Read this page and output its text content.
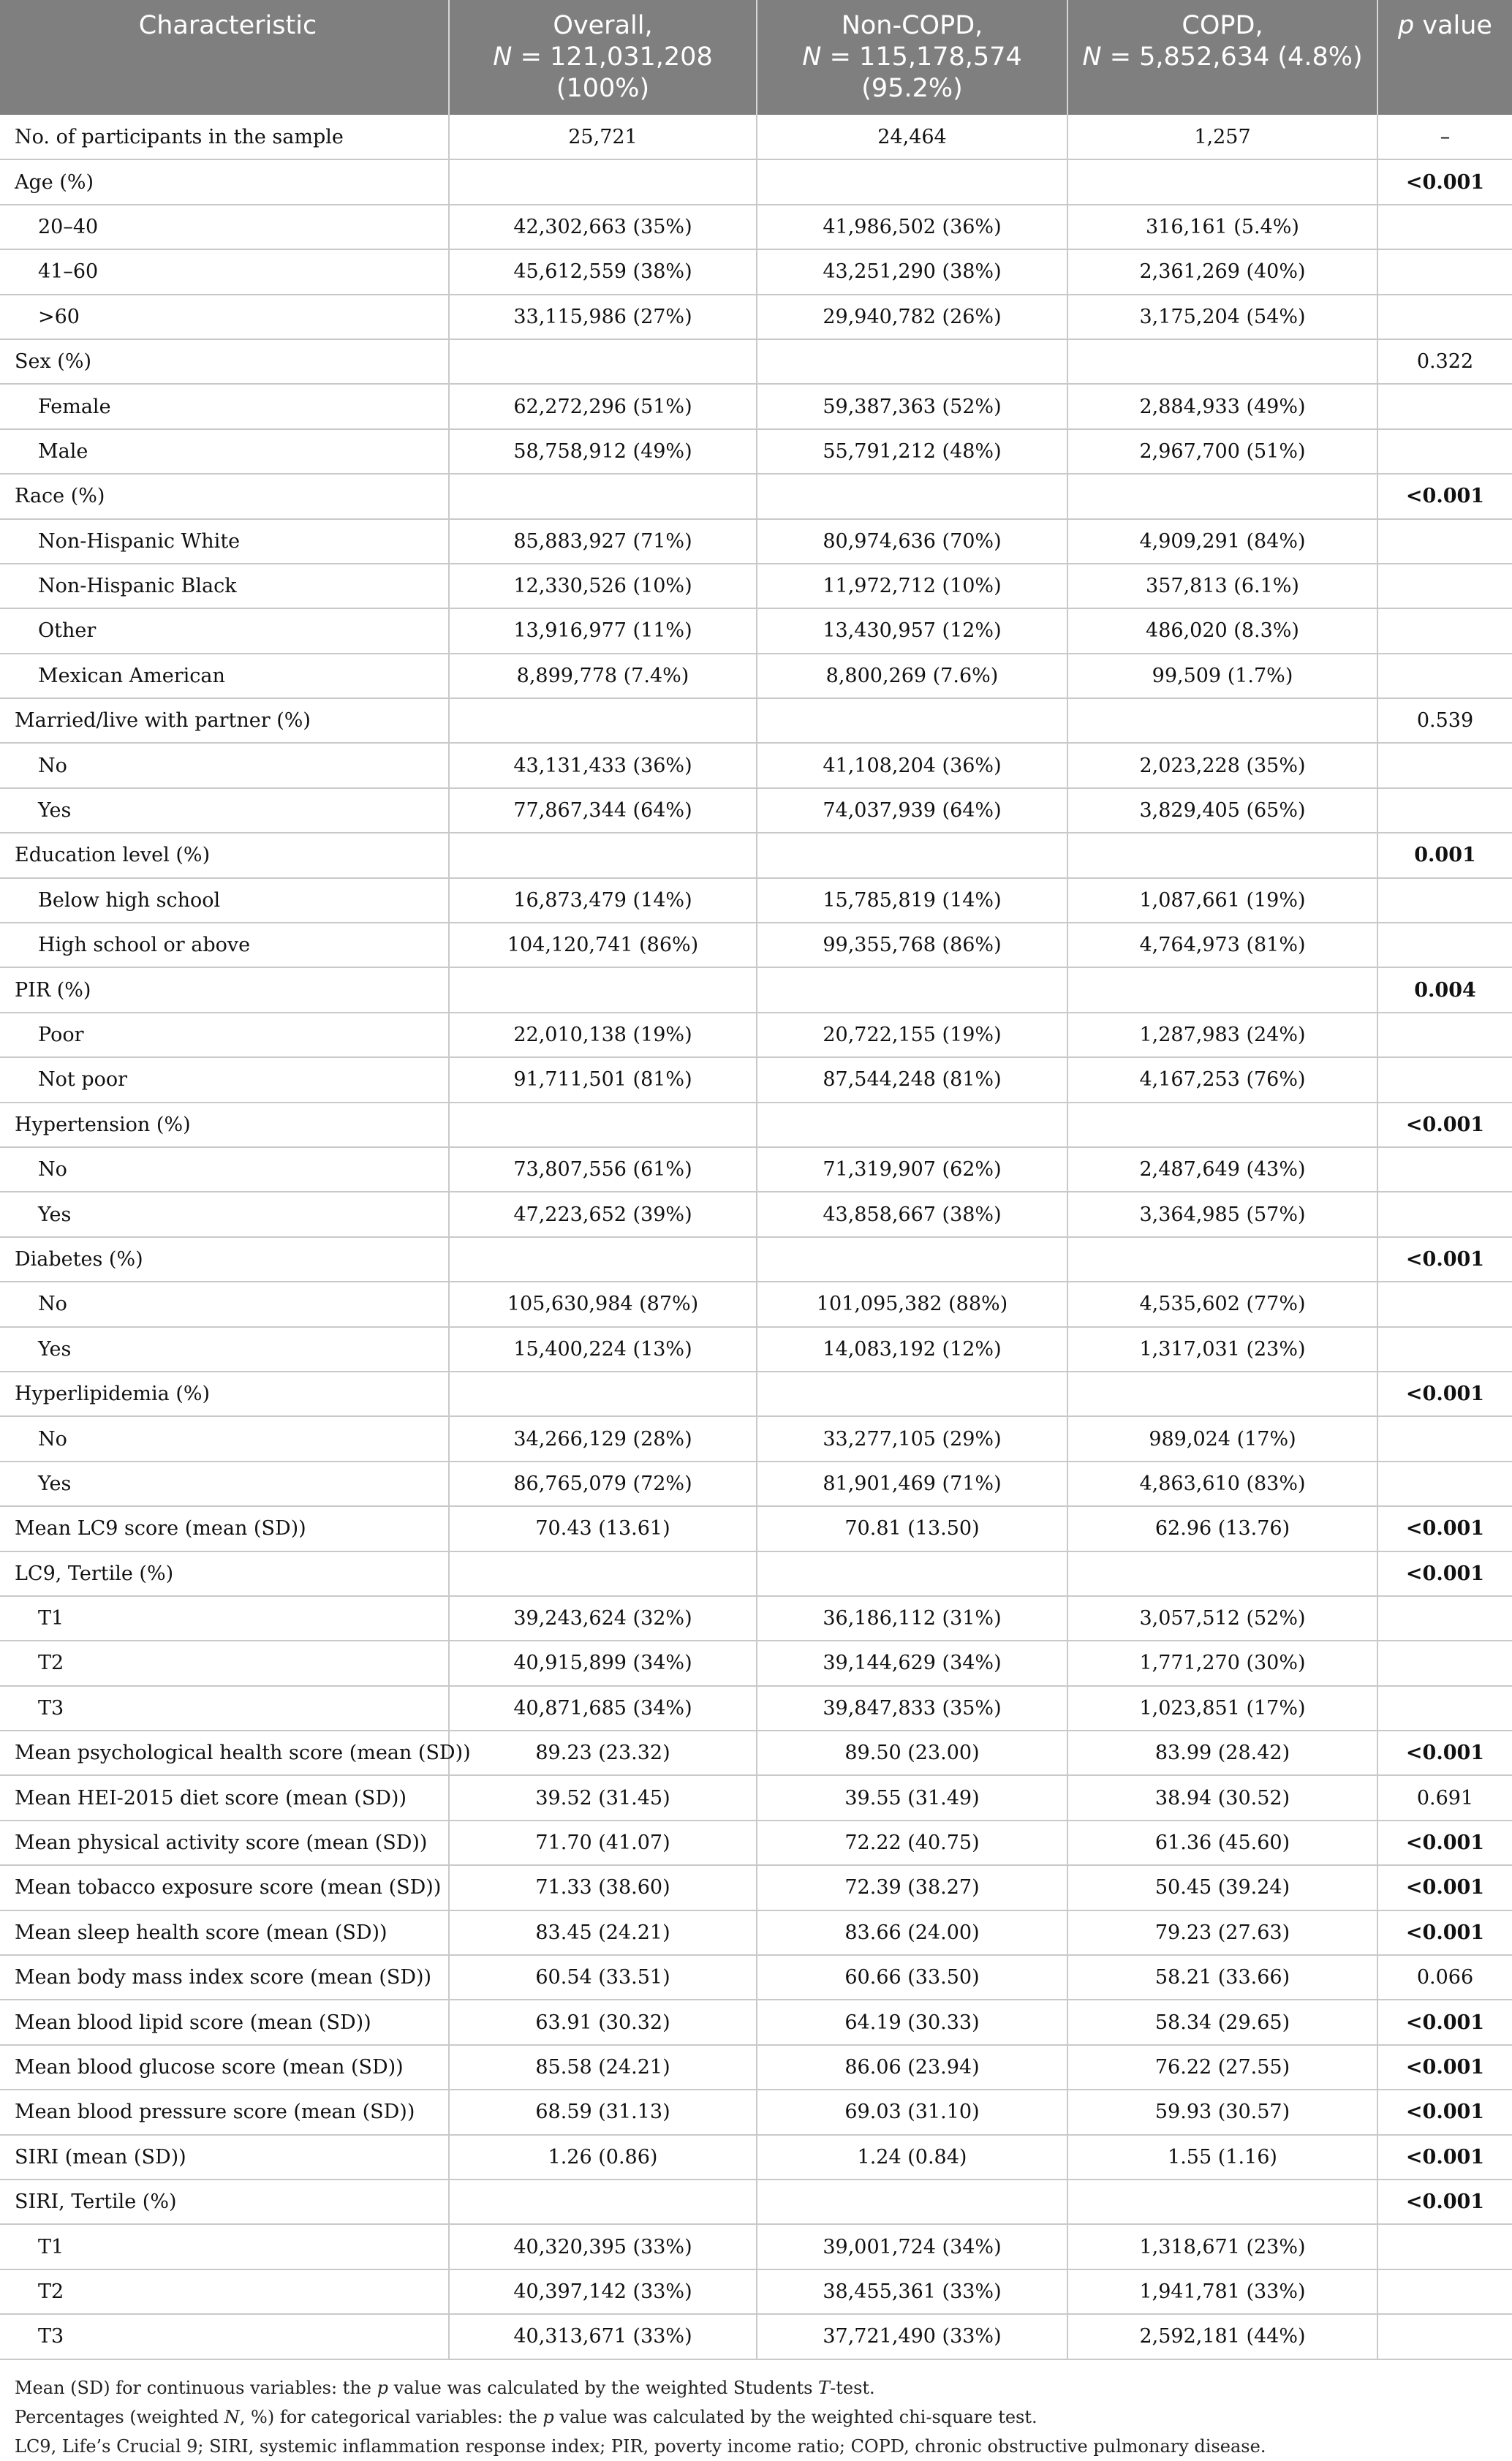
Characteristic	Overall,
N = 121,031,208
(100%)	Non-COPD,
N = 115,178,574
(95.2%)	COPD,
N = 5,852,634 (4.8%)	p value
No. of participants in the sample	25,721	24,464	1,257	–
Age (%)				<0.001
20–40	42,302,663 (35%)	41,986,502 (36%)	316,161 (5.4%)	
41–60	45,612,559 (38%)	43,251,290 (38%)	2,361,269 (40%)	
>60	33,115,986 (27%)	29,940,782 (26%)	3,175,204 (54%)	
Sex (%)				0.322
Female	62,272,296 (51%)	59,387,363 (52%)	2,884,933 (49%)	
Male	58,758,912 (49%)	55,791,212 (48%)	2,967,700 (51%)	
Race (%)				<0.001
Non-Hispanic White	85,883,927 (71%)	80,974,636 (70%)	4,909,291 (84%)	
Non-Hispanic Black	12,330,526 (10%)	11,972,712 (10%)	357,813 (6.1%)	
Other	13,916,977 (11%)	13,430,957 (12%)	486,020 (8.3%)	
Mexican American	8,899,778 (7.4%)	8,800,269 (7.6%)	99,509 (1.7%)	
Married/live with partner (%)				0.539
No	43,131,433 (36%)	41,108,204 (36%)	2,023,228 (35%)	
Yes	77,867,344 (64%)	74,037,939 (64%)	3,829,405 (65%)	
Education level (%)				0.001
Below high school	16,873,479 (14%)	15,785,819 (14%)	1,087,661 (19%)	
High school or above	104,120,741 (86%)	99,355,768 (86%)	4,764,973 (81%)	
PIR (%)				0.004
Poor	22,010,138 (19%)	20,722,155 (19%)	1,287,983 (24%)	
Not poor	91,711,501 (81%)	87,544,248 (81%)	4,167,253 (76%)	
Hypertension (%)				<0.001
No	73,807,556 (61%)	71,319,907 (62%)	2,487,649 (43%)	
Yes	47,223,652 (39%)	43,858,667 (38%)	3,364,985 (57%)	
Diabetes (%)				<0.001
No	105,630,984 (87%)	101,095,382 (88%)	4,535,602 (77%)	
Yes	15,400,224 (13%)	14,083,192 (12%)	1,317,031 (23%)	
Hyperlipidemia (%)				<0.001
No	34,266,129 (28%)	33,277,105 (29%)	989,024 (17%)	
Yes	86,765,079 (72%)	81,901,469 (71%)	4,863,610 (83%)	
Mean LC9 score (mean (SD))	70.43 (13.61)	70.81 (13.50)	62.96 (13.76)	<0.001
LC9, Tertile (%)				<0.001
T1	39,243,624 (32%)	36,186,112 (31%)	3,057,512 (52%)	
T2	40,915,899 (34%)	39,144,629 (34%)	1,771,270 (30%)	
T3	40,871,685 (34%)	39,847,833 (35%)	1,023,851 (17%)	
Mean psychological health score (mean (SD))	89.23 (23.32)	89.50 (23.00)	83.99 (28.42)	<0.001
Mean HEI-2015 diet score (mean (SD))	39.52 (31.45)	39.55 (31.49)	38.94 (30.52)	0.691
Mean physical activity score (mean (SD))	71.70 (41.07)	72.22 (40.75)	61.36 (45.60)	<0.001
Mean tobacco exposure score (mean (SD))	71.33 (38.60)	72.39 (38.27)	50.45 (39.24)	<0.001
Mean sleep health score (mean (SD))	83.45 (24.21)	83.66 (24.00)	79.23 (27.63)	<0.001
Mean body mass index score (mean (SD))	60.54 (33.51)	60.66 (33.50)	58.21 (33.66)	0.066
Mean blood lipid score (mean (SD))	63.91 (30.32)	64.19 (30.33)	58.34 (29.65)	<0.001
Mean blood glucose score (mean (SD))	85.58 (24.21)	86.06 (23.94)	76.22 (27.55)	<0.001
Mean blood pressure score (mean (SD))	68.59 (31.13)	69.03 (31.10)	59.93 (30.57)	<0.001
SIRI (mean (SD))	1.26 (0.86)	1.24 (0.84)	1.55 (1.16)	<0.001
SIRI, Tertile (%)				<0.001
T1	40,320,395 (33%)	39,001,724 (34%)	1,318,671 (23%)	
T2	40,397,142 (33%)	38,455,361 (33%)	1,941,781 (33%)	
T3	40,313,671 (33%)	37,721,490 (33%)	2,592,181 (44%)	
Mean (SD) for continuous variables: the p value was calculated by the weighted Students T-test.
Percentages (weighted N, %) for categorical variables: the p value was calculated by the weighted chi-square test.
LC9, Life’s Crucial 9; SIRI, systemic inflammation response index; PIR, poverty income ratio; COPD, chronic obstructive pulmonary disease.
